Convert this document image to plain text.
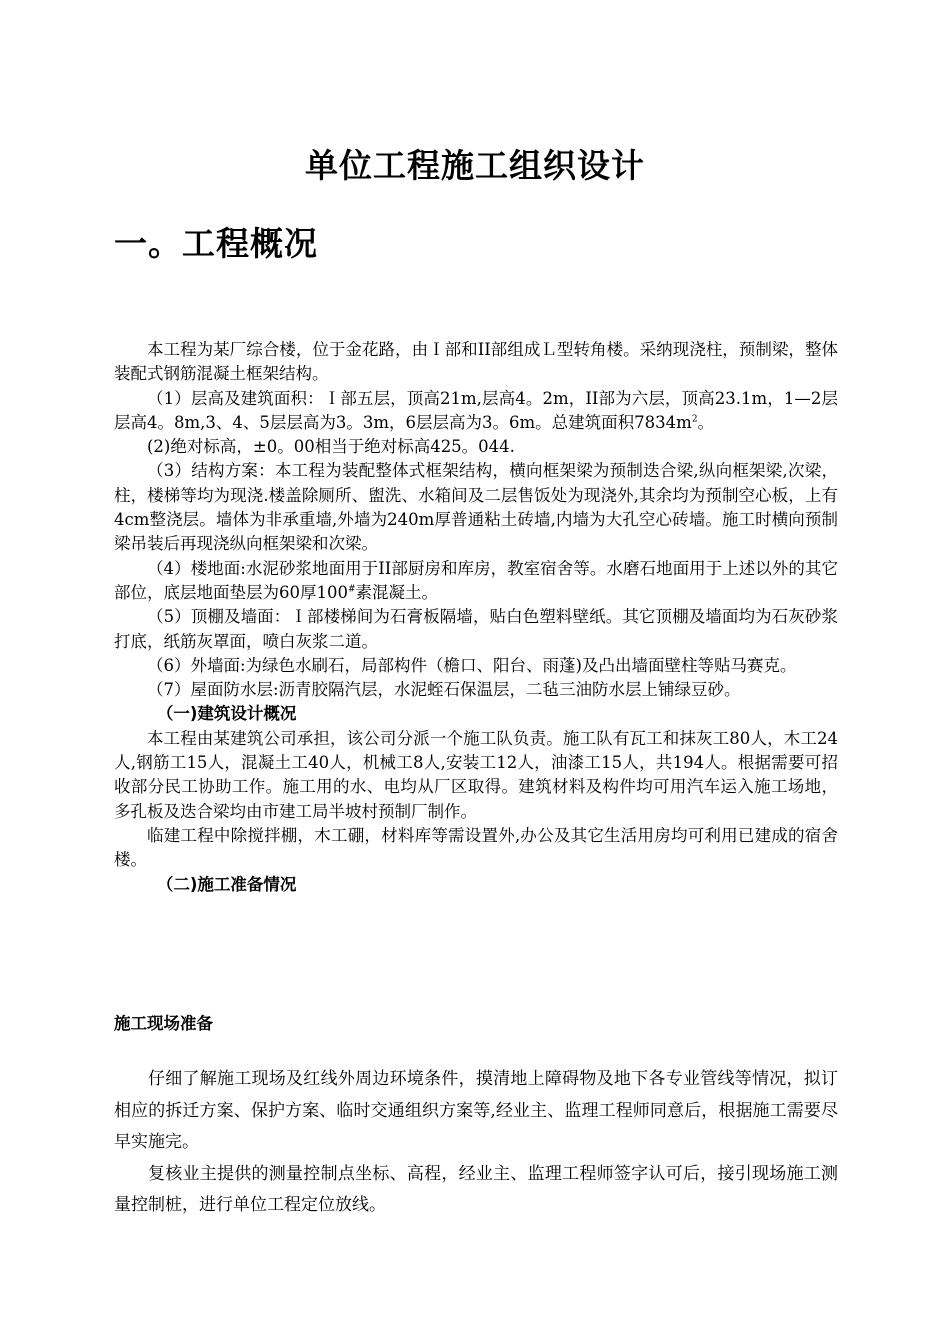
单位工程施工组织设计
一。工程概况

本工程为某厂综合楼，位于金花路，由Ｉ部和II部组成Ｌ型转角楼。采纳现浇柱，预制梁，整体装配式钢筋混凝土框架结构。

（1）层高及建筑面积：Ｉ部五层，顶高21m,层高4。2m，II部为六层，顶高23.1m，1—2层层高4。8m,3、4、5层层高为3。3m，6层层高为3。6m。总建筑面积$7834m^2$。

(2)绝对标高，±0。00相当于绝对标高425。044.

（3）结构方案：本工程为装配整体式框架结构，横向框架梁为预制迭合梁,纵向框架梁,次梁，柱，楼梯等均为现浇.楼盖除厕所、盥洗、水箱间及二层售饭处为现浇外,其余均为预制空心板，上有4cm整浇层。墙体为非承重墙,外墙为240m厚普通粘土砖墙,内墙为大孔空心砖墙。施工时横向预制梁吊装后再现浇纵向框架梁和次梁。

（4）楼地面:水泥砂浆地面用于II部厨房和库房，教室宿舍等。水磨石地面用于上述以外的其它部位，底层地面垫层为60厚100#素混凝土。

（5）顶棚及墙面：Ｉ部楼梯间为石膏板隔墙，贴白色塑料壁纸。其它顶棚及墙面均为石灰砂浆打底，纸筋灰罩面，喷白灰浆二道。

（6）外墙面:为绿色水刷石，局部构件（檐口、阳台、雨蓬)及凸出墙面壁柱等贴马赛克。

（7）屋面防水层:沥青胶隔汽层，水泥蛭石保温层，二毡三油防水层上铺绿豆砂。

（一)建筑设计概况

本工程由某建筑公司承担，该公司分派一个施工队负责。施工队有瓦工和抹灰工80人，木工24人,钢筋工15人，混凝土工40人，机械工8人,安装工12人，油漆工15人，共194人。根据需要可招收部分民工协助工作。施工用的水、电均从厂区取得。建筑材料及构件均可用汽车运入施工场地，多孔板及迭合梁均由市建工局半坡村预制厂制作。

临建工程中除搅拌棚，木工硼，材料库等需设置外,办公及其它生活用房均可利用已建成的宿舍楼。

（二)施工准备情况

施工现场准备

仔细了解施工现场及红线外周边环境条件，摸清地上障碍物及地下各专业管线等情况，拟订相应的拆迁方案、保护方案、临时交通组织方案等,经业主、监理工程师同意后，根据施工需要尽早实施完。

复核业主提供的测量控制点坐标、高程，经业主、监理工程师签字认可后，接引现场施工测量控制桩，进行单位工程定位放线。
